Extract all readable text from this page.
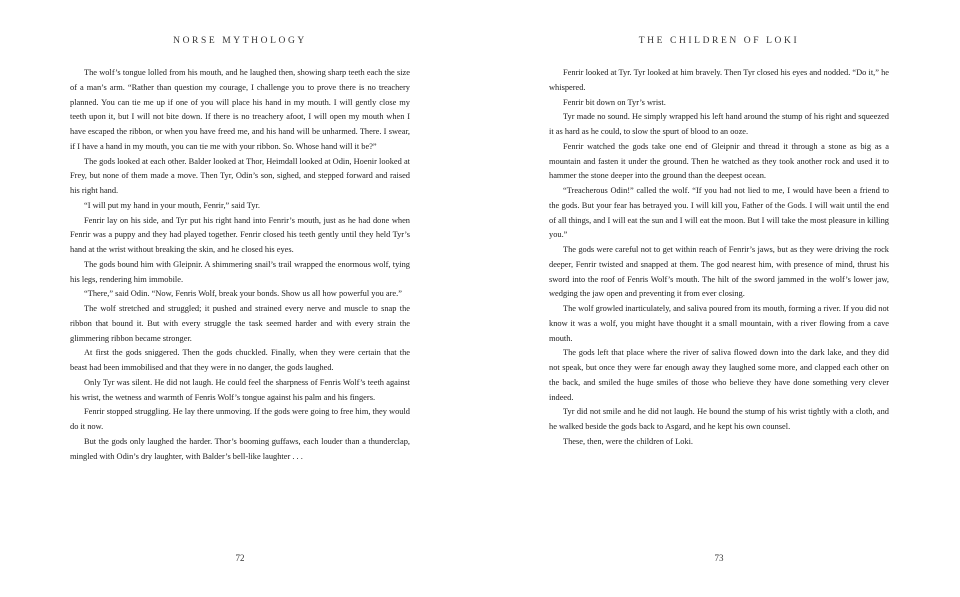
NORSE MYTHOLOGY

The wolf’s tongue lolled from his mouth, and he laughed then, showing sharp teeth each the size of a man’s arm. “Rather than question my courage, I challenge you to prove there is no treachery planned. You can tie me up if one of you will place his hand in my mouth. I will gently close my teeth upon it, but I will not bite down. If there is no treachery afoot, I will open my mouth when I have escaped the ribbon, or when you have freed me, and his hand will be unharmed. There. I swear, if I have a hand in my mouth, you can tie me with your ribbon. So. Whose hand will it be?”

The gods looked at each other. Balder looked at Thor, Heimdall looked at Odin, Hoenir looked at Frey, but none of them made a move. Then Tyr, Odin’s son, sighed, and stepped forward and raised his right hand.

“I will put my hand in your mouth, Fenrir,” said Tyr.

Fenrir lay on his side, and Tyr put his right hand into Fenrir’s mouth, just as he had done when Fenrir was a puppy and they had played together. Fenrir closed his teeth gently until they held Tyr’s hand at the wrist without breaking the skin, and he closed his eyes.

The gods bound him with Gleipnir. A shimmering snail’s trail wrapped the enormous wolf, tying his legs, rendering him immobile.

“There,” said Odin. “Now, Fenris Wolf, break your bonds. Show us all how powerful you are.”

The wolf stretched and struggled; it pushed and strained every nerve and muscle to snap the ribbon that bound it. But with every struggle the task seemed harder and with every strain the glimmering ribbon became stronger.

At first the gods sniggered. Then the gods chuckled. Finally, when they were certain that the beast had been immobilised and that they were in no danger, the gods laughed.

Only Tyr was silent. He did not laugh. He could feel the sharpness of Fenris Wolf’s teeth against his wrist, the wetness and warmth of Fenris Wolf’s tongue against his palm and his fingers.

Fenrir stopped struggling. He lay there unmoving. If the gods were going to free him, they would do it now.

But the gods only laughed the harder. Thor’s booming guffaws, each louder than a thunderclap, mingled with Odin’s dry laughter, with Balder’s bell-like laughter . . .

72
THE CHILDREN OF LOKI

Fenrir looked at Tyr. Tyr looked at him bravely. Then Tyr closed his eyes and nodded. “Do it,” he whispered.

Fenrir bit down on Tyr’s wrist.

Tyr made no sound. He simply wrapped his left hand around the stump of his right and squeezed it as hard as he could, to slow the spurt of blood to an ooze.

Fenrir watched the gods take one end of Gleipnir and thread it through a stone as big as a mountain and fasten it under the ground. Then he watched as they took another rock and used it to hammer the stone deeper into the ground than the deepest ocean.

“Treacherous Odin!” called the wolf. “If you had not lied to me, I would have been a friend to the gods. But your fear has betrayed you. I will kill you, Father of the Gods. I will wait until the end of all things, and I will eat the sun and I will eat the moon. But I will take the most pleasure in killing you.”

The gods were careful not to get within reach of Fenrir’s jaws, but as they were driving the rock deeper, Fenrir twisted and snapped at them. The god nearest him, with presence of mind, thrust his sword into the roof of Fenris Wolf’s mouth. The hilt of the sword jammed in the wolf’s lower jaw, wedging the jaw open and preventing it from ever closing.

The wolf growled inarticulately, and saliva poured from its mouth, forming a river. If you did not know it was a wolf, you might have thought it a small mountain, with a river flowing from a cave mouth.

The gods left that place where the river of saliva flowed down into the dark lake, and they did not speak, but once they were far enough away they laughed some more, and clapped each other on the back, and smiled the huge smiles of those who believe they have done something very clever indeed.

Tyr did not smile and he did not laugh. He bound the stump of his wrist tightly with a cloth, and he walked beside the gods back to Asgard, and he kept his own counsel.

These, then, were the children of Loki.

73
